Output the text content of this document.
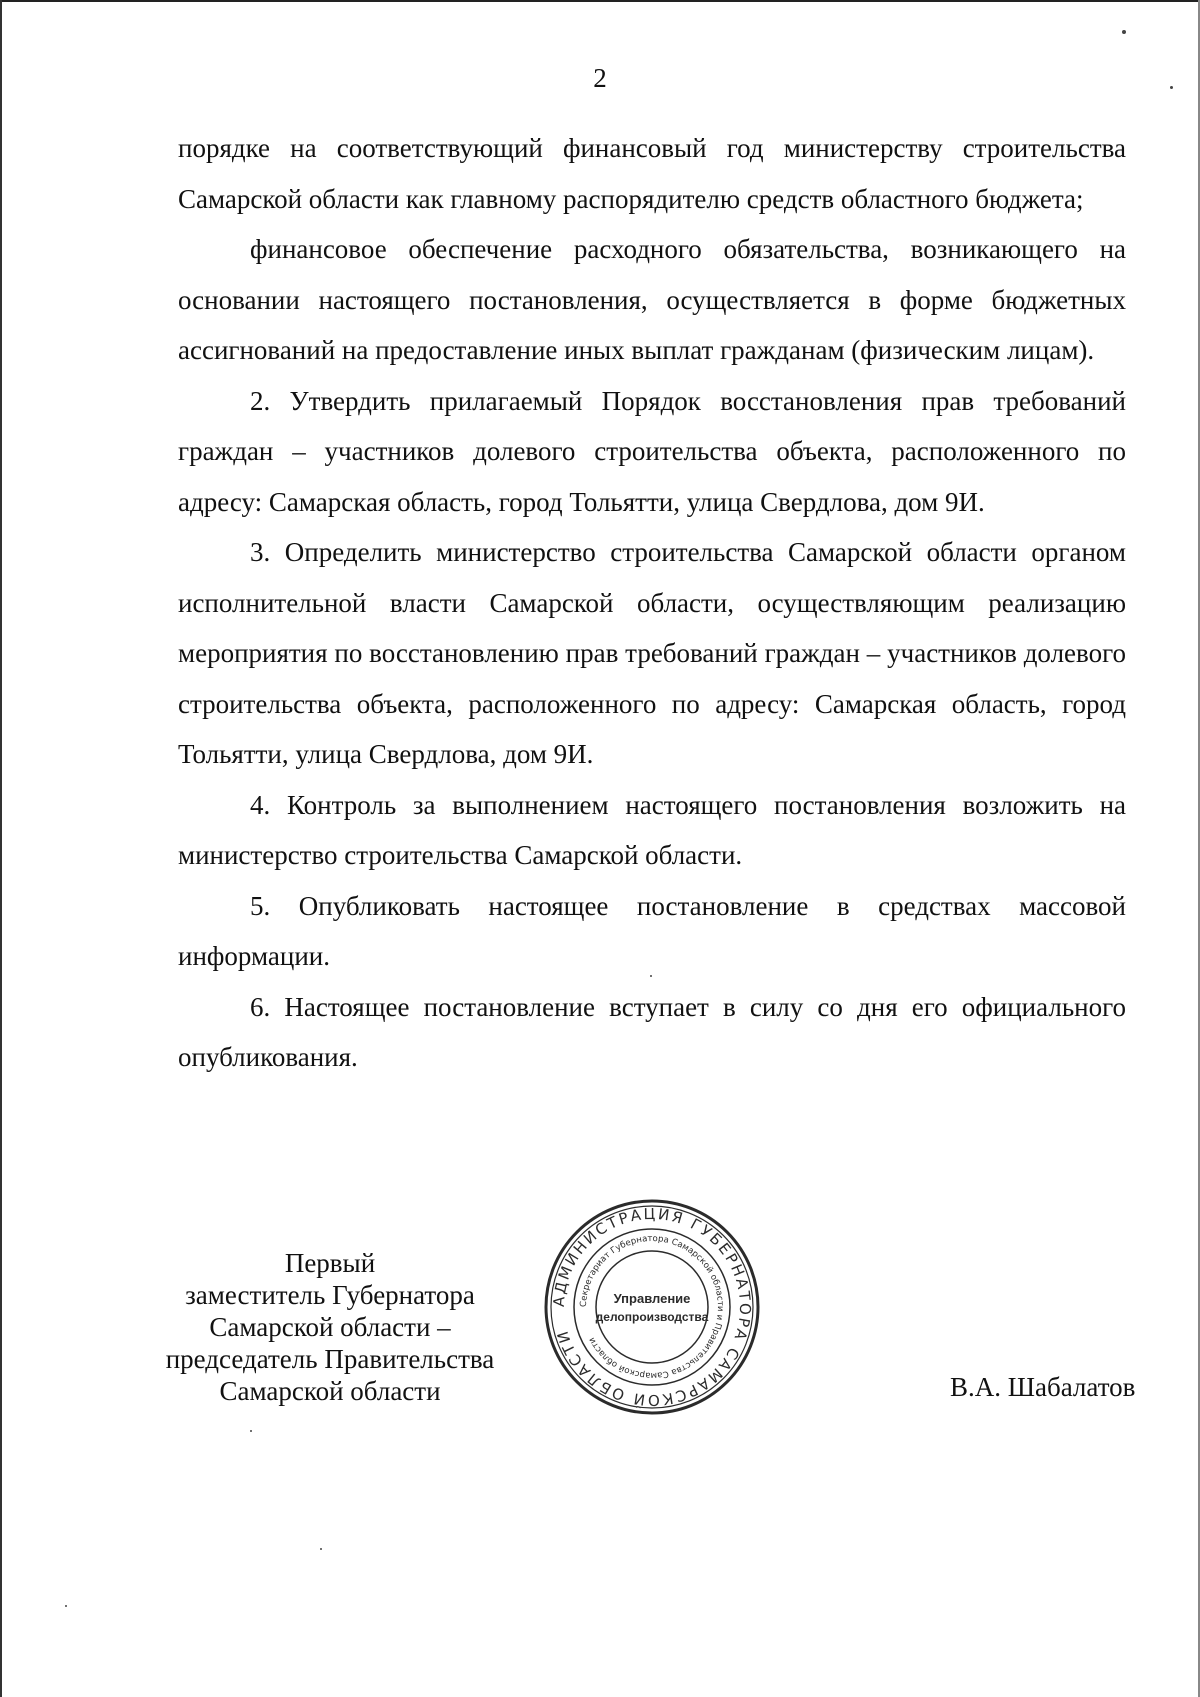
2

порядке на соответствующий финансовый год министерству строительства Самарской области как главному распорядителю средств областного бюджета;

финансовое обеспечение расходного обязательства, возникающего на основании настоящего постановления, осуществляется в форме бюджетных ассигнований на предоставление иных выплат гражданам (физическим лицам).

2. Утвердить прилагаемый Порядок восстановления прав требований граждан – участников долевого строительства объекта, расположенного по адресу: Самарская область, город Тольятти, улица Свердлова, дом 9И.

3. Определить министерство строительства Самарской области органом исполнительной власти Самарской области, осуществляющим реализацию мероприятия по восстановлению прав требований граждан – участников долевого строительства объекта, расположенного по адресу: Самарская область, город Тольятти, улица Свердлова, дом 9И.

4. Контроль за выполнением настоящего постановления возложить на министерство строительства Самарской области.

5. Опубликовать настоящее постановление в средствах массовой информации.

6. Настоящее постановление вступает в силу со дня его официального опубликования.

Первый
заместитель Губернатора
Самарской области –
председатель Правительства
Самарской области
АДМИНИСТРАЦИЯ ГУБЕРНАТОРА САМАРСКОЙ ОБЛАСТИ
Секретариат Губернатора Самарской области и Правительства Самарской области
Управление
делопроизводства
В.А. Шабалатов
